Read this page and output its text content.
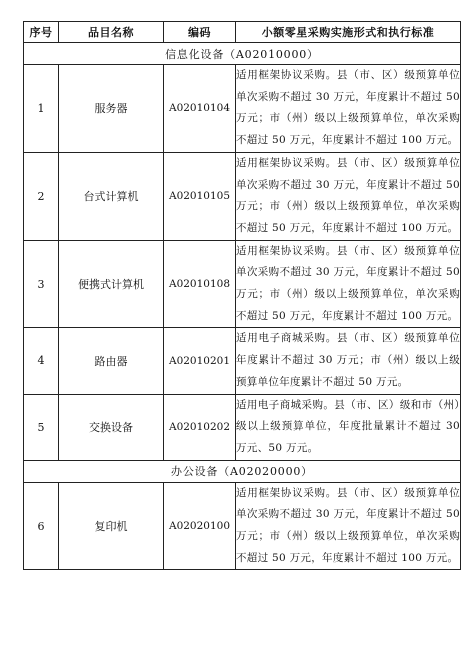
序号	品目名称	编码	小额零星采购实施形式和执行标准
信息化设备（A02010000）			
1	服务器	A02010104	适用框架协议采购。县（市、区）级预算单位单次采购不超过 30 万元，年度累计不超过 50 万元；市（州）级以上级预算单位，单次采购不超过 50 万元，年度累计不超过 100 万元。
2	台式计算机	A02010105	适用框架协议采购。县（市、区）级预算单位单次采购不超过 30 万元，年度累计不超过 50 万元；市（州）级以上级预算单位，单次采购不超过 50 万元，年度累计不超过 100 万元。
3	便携式计算机	A02010108	适用框架协议采购。县（市、区）级预算单位单次采购不超过 30 万元，年度累计不超过 50 万元；市（州）级以上级预算单位，单次采购不超过 50 万元，年度累计不超过 100 万元。
4	路由器	A02010201	适用电子商城采购。县（市、区）级预算单位年度累计不超过 30 万元；市（州）级以上级预算单位年度累计不超过 50 万元。
5	交换设备	A02010202	适用电子商城采购。县（市、区）级和市（州）级以上级预算单位，年度批量累计不超过 30 万元、50 万元。
办公设备（A02020000）			
6	复印机	A02020100	适用框架协议采购。县（市、区）级预算单位单次采购不超过 30 万元，年度累计不超过 50 万元；市（州）级以上级预算单位，单次采购不超过 50 万元，年度累计不超过 100 万元。
